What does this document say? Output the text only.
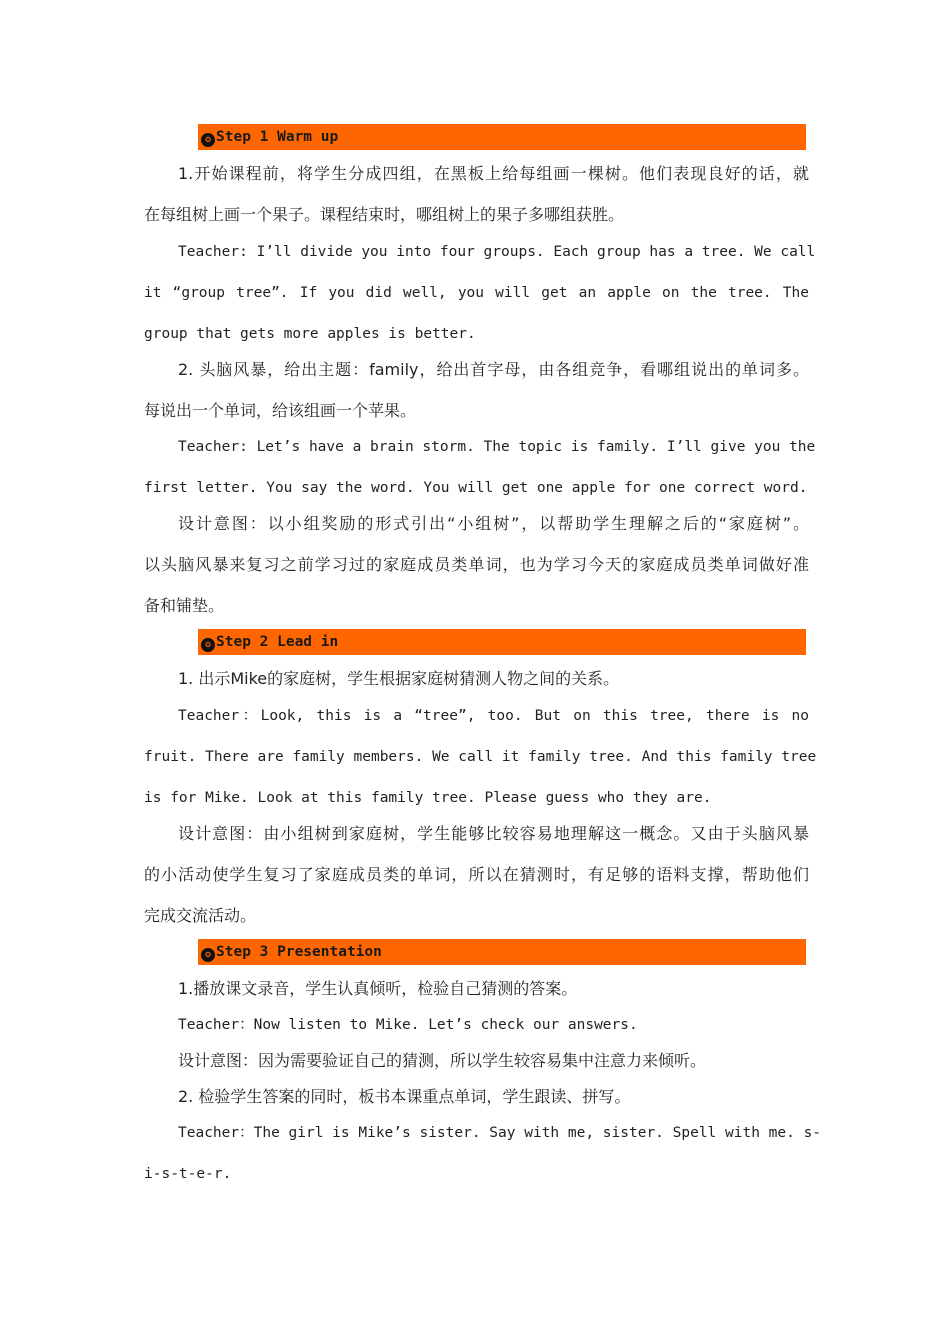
✪ Step 1 Warm up
1.开始课程前，将学生分成四组，在黑板上给每组画一棵树。他们表现良好的话，就
在每组树上画一个果子。课程结束时，哪组树上的果子多哪组获胜。
Teacher: I’ll divide you into four groups. Each group has a tree. We call
it “group tree”. If you did well, you will get an apple on the tree. The
group that gets more apples is better.
2. 头脑风暴，给出主题：family，给出首字母，由各组竞争，看哪组说出的单词多。
每说出一个单词，给该组画一个苹果。
Teacher: Let’s have a brain storm. The topic is family. I’ll give you the
first letter. You say the word. You will get one apple for one correct word.
设计意图：以小组奖励的形式引出“小组树”，以帮助学生理解之后的“家庭树”。
以头脑风暴来复习之前学习过的家庭成员类单词，也为学习今天的家庭成员类单词做好准
备和铺垫。
✪ Step 2 Lead in
1. 出示Mike的家庭树，学生根据家庭树猜测人物之间的关系。
Teacher：Look, this is a “tree”, too. But on this tree, there is no
fruit. There are family members. We call it family tree. And this family tree
is for Mike. Look at this family tree. Please guess who they are.
设计意图：由小组树到家庭树，学生能够比较容易地理解这一概念。又由于头脑风暴
的小活动使学生复习了家庭成员类的单词，所以在猜测时，有足够的语料支撑，帮助他们
完成交流活动。
✪ Step 3 Presentation
1.播放课文录音，学生认真倾听，检验自己猜测的答案。
Teacher：Now listen to Mike. Let’s check our answers.
设计意图：因为需要验证自己的猜测，所以学生较容易集中注意力来倾听。
2. 检验学生答案的同时，板书本课重点单词，学生跟读、拼写。
Teacher：The girl is Mike’s sister. Say with me, sister. Spell with me. s-
i-s-t-e-r.
